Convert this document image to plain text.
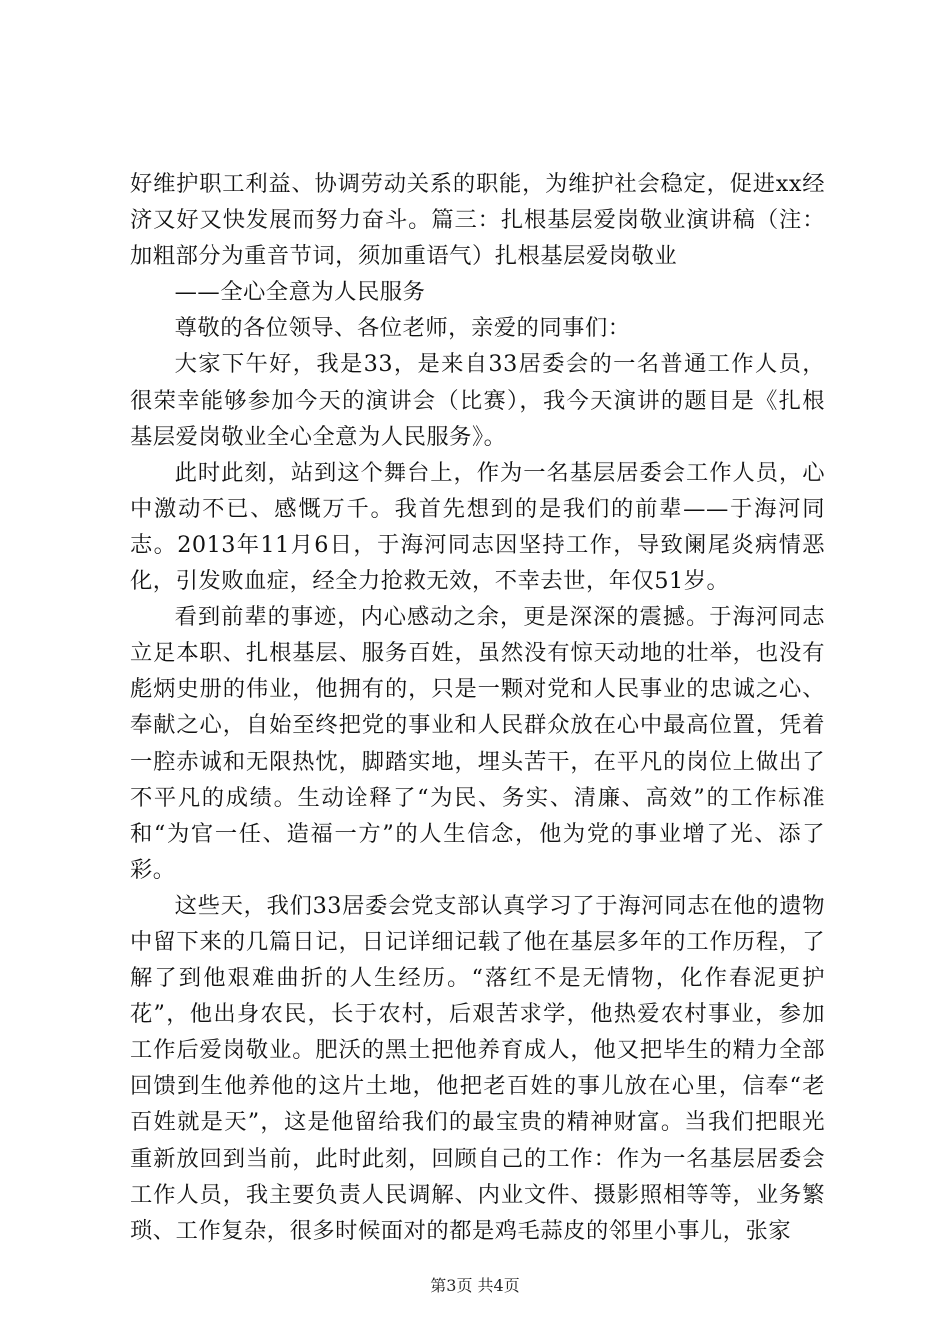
好维护职工利益、协调劳动关系的职能，为维护社会稳定，促进xx经济又好又快发展而努力奋斗。篇三：扎根基层爱岗敬业演讲稿（注：加粗部分为重音节词，须加重语气）扎根基层爱岗敬业

——全心全意为人民服务

尊敬的各位领导、各位老师，亲爱的同事们：

大家下午好，我是33，是来自33居委会的一名普通工作人员，很荣幸能够参加今天的演讲会（比赛），我今天演讲的题目是《扎根基层爱岗敬业全心全意为人民服务》。

此时此刻，站到这个舞台上，作为一名基层居委会工作人员，心中激动不已、感慨万千。我首先想到的是我们的前辈——于海河同志。2013年11月6日，于海河同志因坚持工作，导致阑尾炎病情恶化，引发败血症，经全力抢救无效，不幸去世，年仅51岁。

看到前辈的事迹，内心感动之余，更是深深的震撼。于海河同志立足本职、扎根基层、服务百姓，虽然没有惊天动地的壮举，也没有彪炳史册的伟业，他拥有的，只是一颗对党和人民事业的忠诚之心、奉献之心，自始至终把党的事业和人民群众放在心中最高位置，凭着一腔赤诚和无限热忱，脚踏实地，埋头苦干，在平凡的岗位上做出了不平凡的成绩。生动诠释了“为民、务实、清廉、高效”的工作标准和“为官一任、造福一方”的人生信念，他为党的事业增了光、添了彩。

这些天，我们33居委会党支部认真学习了于海河同志在他的遗物中留下来的几篇日记，日记详细记载了他在基层多年的工作历程，了解了到他艰难曲折的人生经历。“落红不是无情物，化作春泥更护花”，他出身农民，长于农村，后艰苦求学，他热爱农村事业，参加工作后爱岗敬业。肥沃的黑土把他养育成人，他又把毕生的精力全部回馈到生他养他的这片土地，他把老百姓的事儿放在心里，信奉“老百姓就是天”，这是他留给我们的最宝贵的精神财富。当我们把眼光重新放回到当前，此时此刻，回顾自己的工作：作为一名基层居委会工作人员，我主要负责人民调解、内业文件、摄影照相等等，业务繁琐、工作复杂，很多时候面对的都是鸡毛蒜皮的邻里小事儿，张家

第3页 共4页
